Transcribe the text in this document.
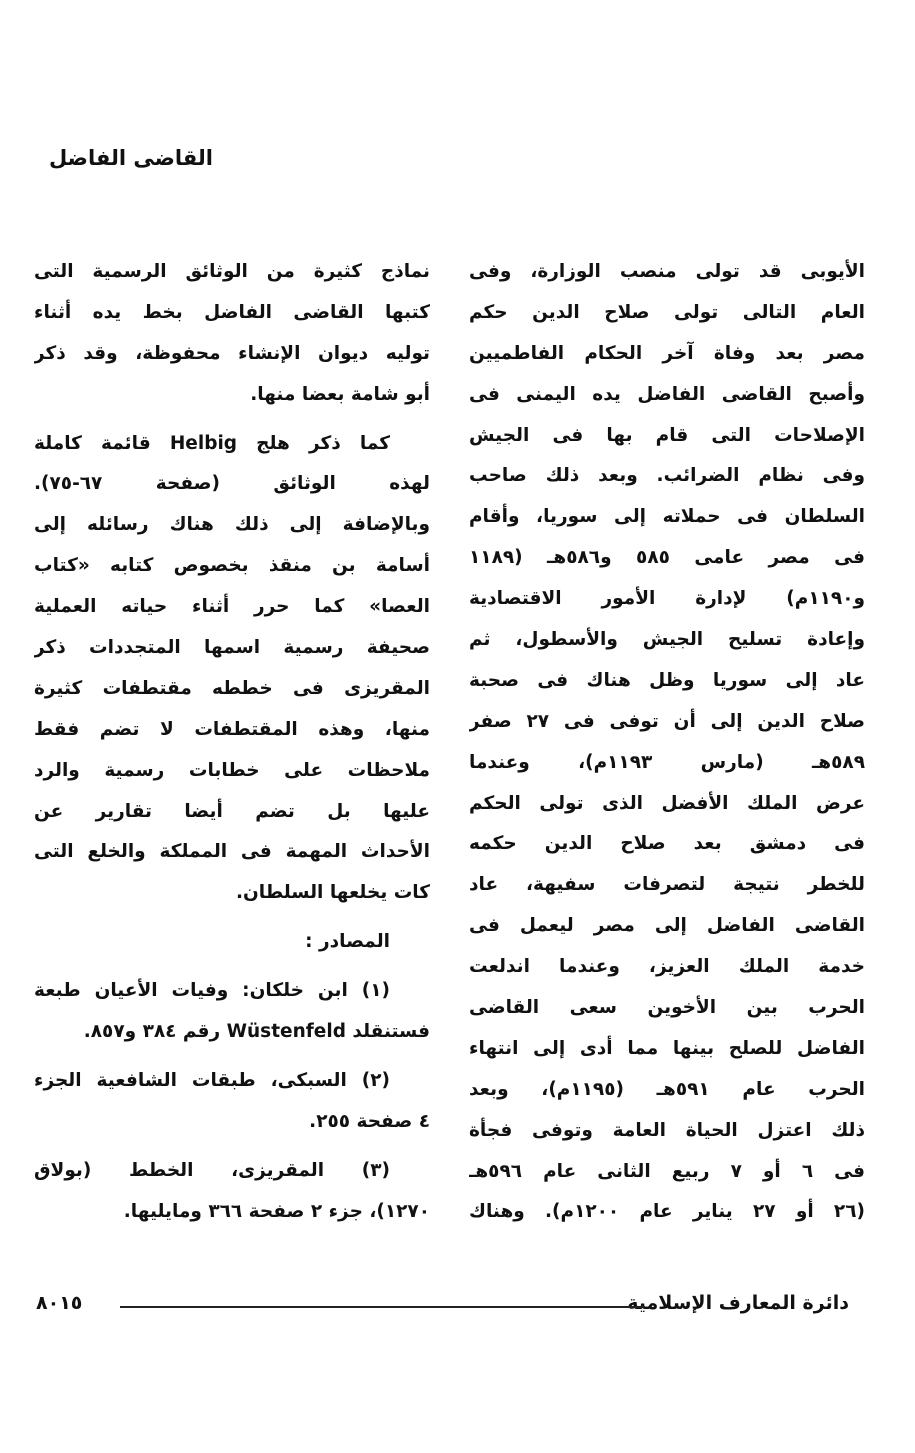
القاضى الفاضل
الأيوبى قد تولى منصب الوزارة، وفى
العام التالى تولى صلاح الدين حكم
مصر بعد وفاة آخر الحكام الفاطميين
وأصبح القاضى الفاضل يده اليمنى فى
الإصلاحات التى قام بها فى الجيش
وفى نظام الضرائب. وبعد ذلك صاحب
السلطان فى حملاته إلى سوريا، وأقام
فى مصر عامى ٥٨٥ و٥٨٦هـ (١١٨٩
و١١٩٠م) لإدارة الأمور الاقتصادية
وإعادة تسليح الجيش والأسطول، ثم
عاد إلى سوريا وظل هناك فى صحبة
صلاح الدين إلى أن توفى فى ٢٧ صفر
٥٨٩هـ (مارس ١١٩٣م)، وعندما
عرض الملك الأفضل الذى تولى الحكم
فى دمشق بعد صلاح الدين حكمه
للخطر نتيجة لتصرفات سفيهة، عاد
القاضى الفاضل إلى مصر ليعمل فى
خدمة الملك العزيز، وعندما اندلعت
الحرب بين الأخوين سعى القاضى
الفاضل للصلح بينها مما أدى إلى انتهاء
الحرب عام ٥٩١هـ (١١٩٥م)، وبعد
ذلك اعتزل الحياة العامة وتوفى فجأة
فى ٦ أو ٧ ربيع الثانى عام ٥٩٦هـ
(٢٦ أو ٢٧ يناير عام ١٢٠٠م). وهناك
نماذج كثيرة من الوثائق الرسمية التى
كتبها القاضى الفاضل بخط يده أثناء
توليه ديوان الإنشاء محفوظة، وقد ذكر
أبو شامة بعضا منها.
كما ذكر هلج Helbig قائمة كاملة
لهذه الوثائق (صفحة ٦٧-٧٥).
وبالإضافة إلى ذلك هناك رسائله إلى
أسامة بن منقذ بخصوص كتابه «كتاب
العصا» كما حرر أثناء حياته العملية
صحيفة رسمية اسمها المتجددات ذكر
المقريزى فى خططه مقتطفات كثيرة
منها، وهذه المقتطفات لا تضم فقط
ملاحظات على خطابات رسمية والرد
عليها بل تضم أيضا تقارير عن
الأحداث المهمة فى المملكة والخلع التى
كات يخلعها السلطان.
المصادر :
(١) ابن خلكان: وفيات الأعيان طبعة
فستنقلد Wüstenfeld رقم ٣٨٤ و٨٥٧.
(٢) السبكى، طبقات الشافعية الجزء
٤ صفحة ٢٥٥.
(٣) المقريزى، الخطط (بولاق
١٢٧٠)، جزء ٢ صفحة ٣٦٦ ومايليها.
دائرة المعارف الإسلامية
٨٠١٥
